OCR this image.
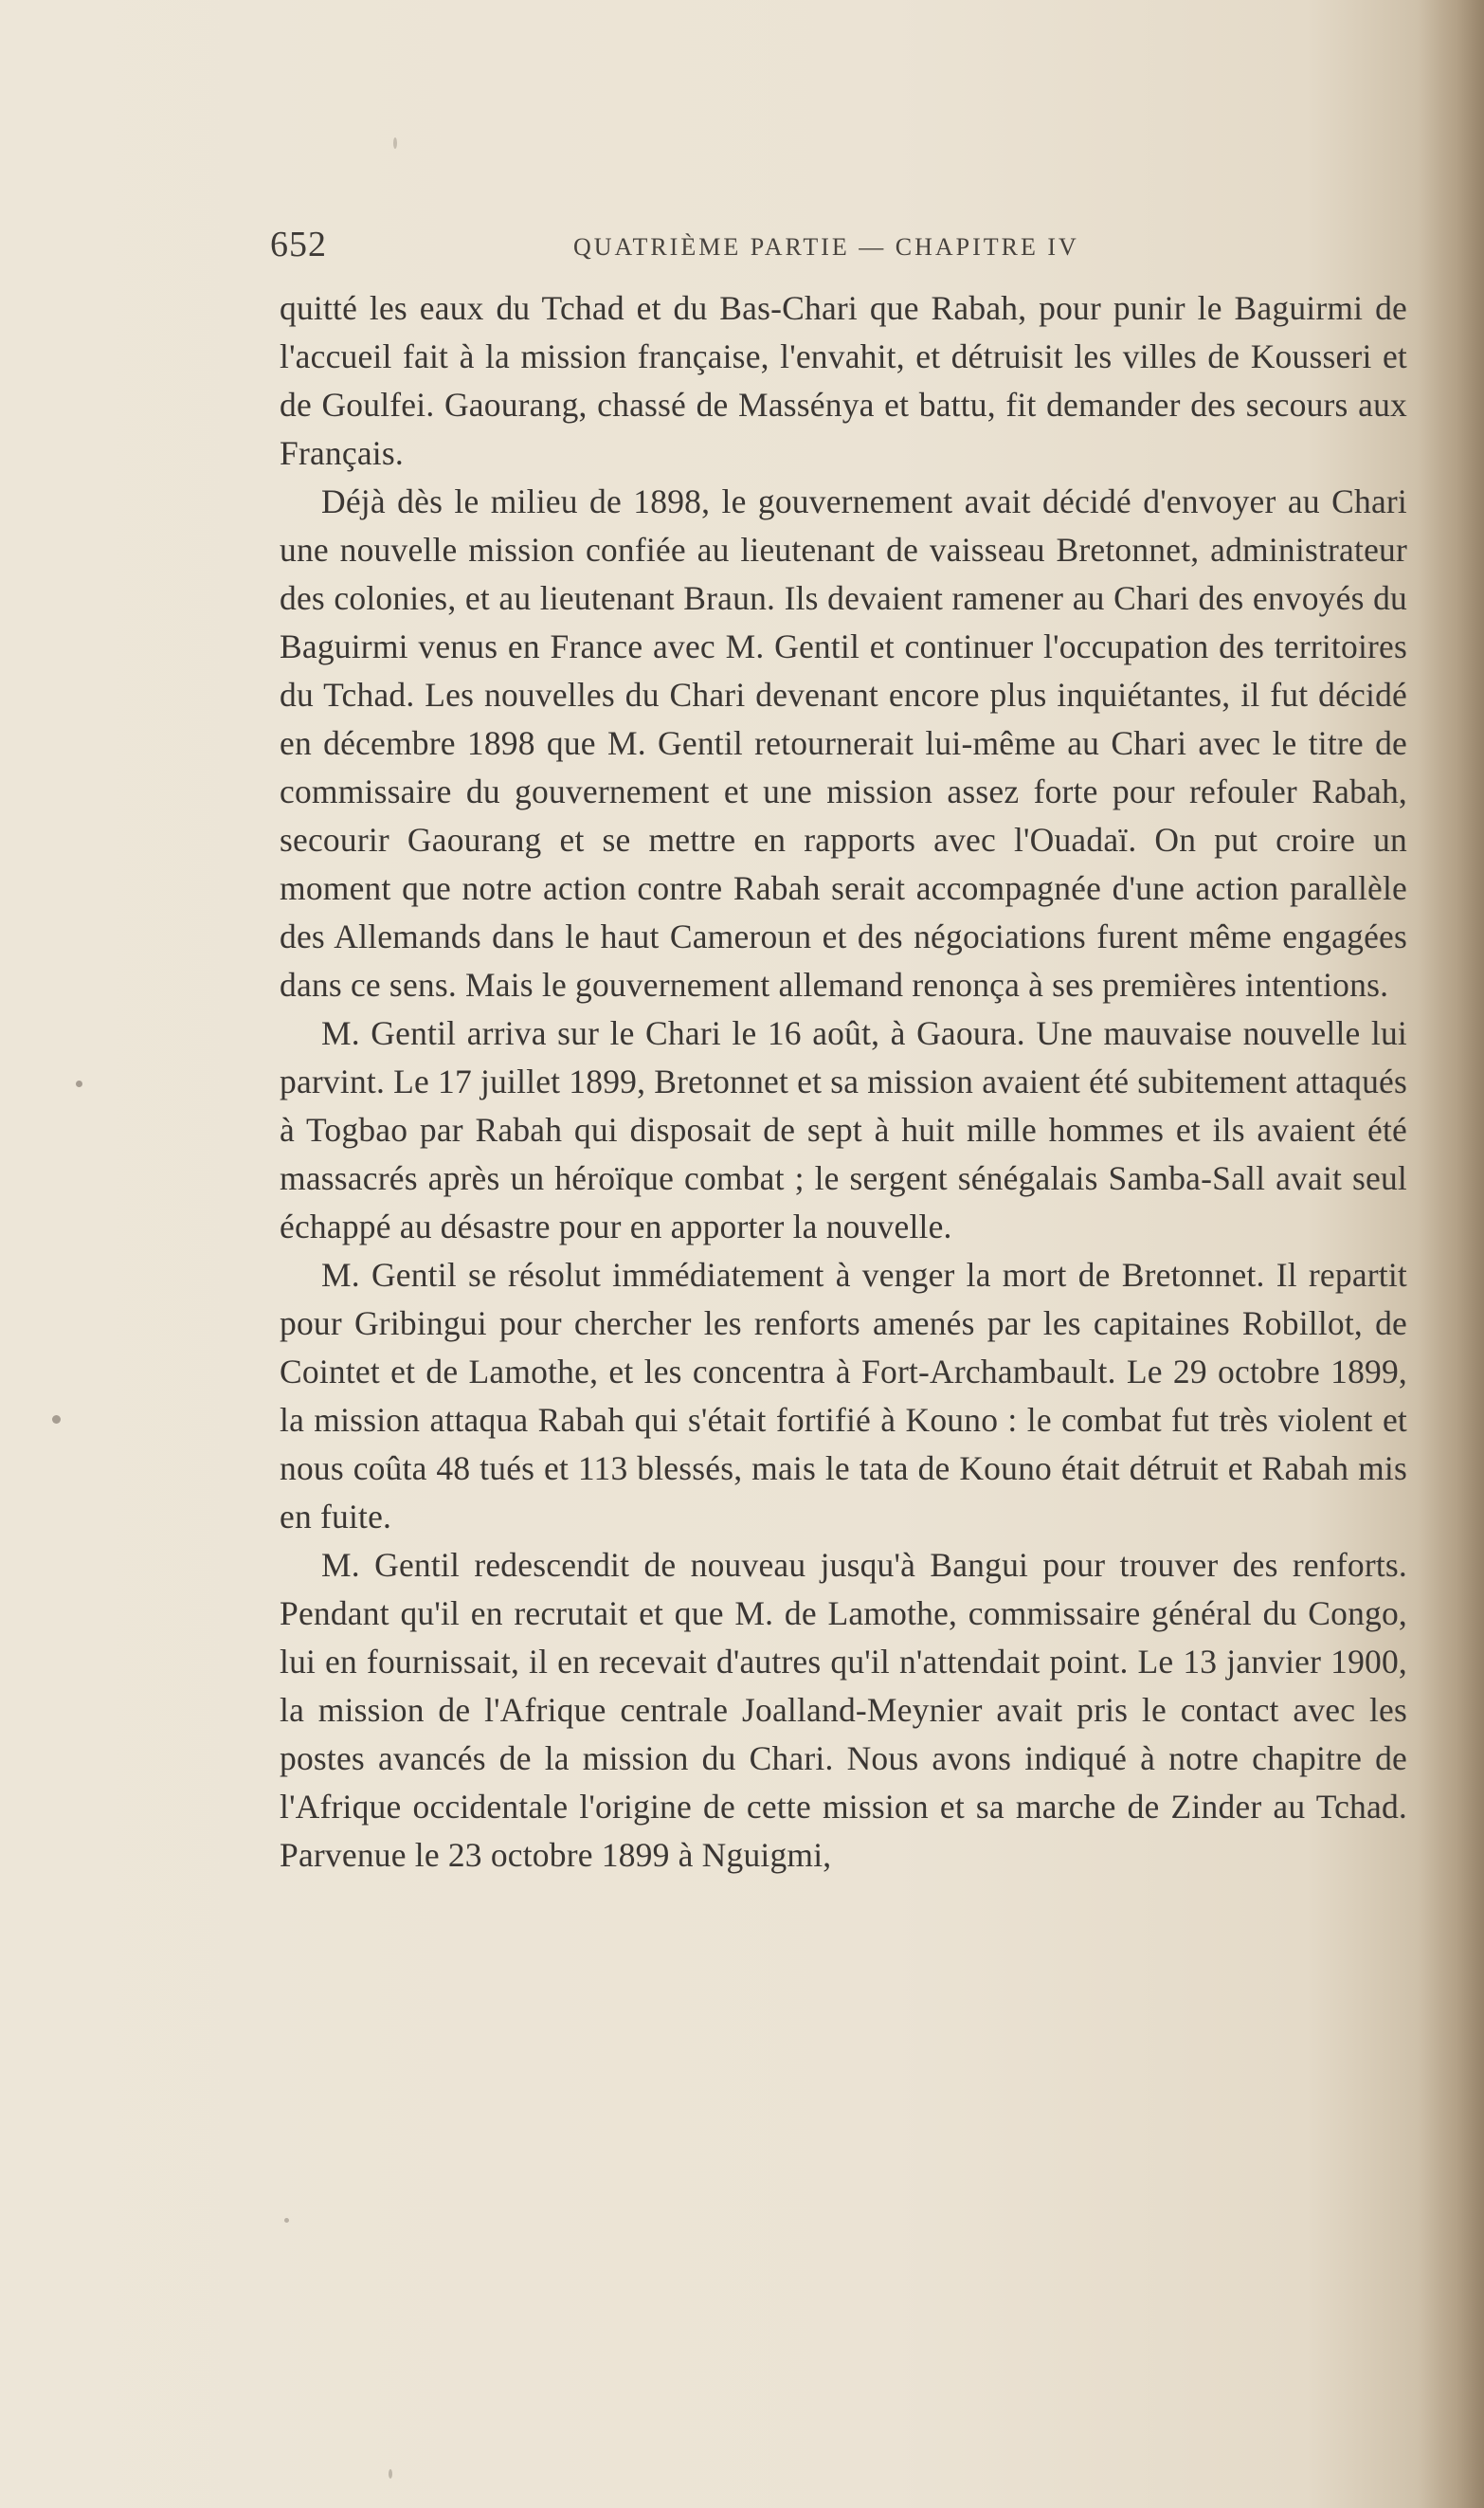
652	QUATRIÈME PARTIE — CHAPITRE IV

quitté les eaux du Tchad et du Bas-Chari que Rabah, pour punir le Baguirmi de l'accueil fait à la mission française, l'envahit, et détruisit les villes de Kousseri et de Goulfei. Gaourang, chassé de Massénya et battu, fit demander des secours aux Français.

Déjà dès le milieu de 1898, le gouvernement avait décidé d'envoyer au Chari une nouvelle mission confiée au lieutenant de vaisseau Bretonnet, administrateur des colonies, et au lieutenant Braun. Ils devaient ramener au Chari des envoyés du Baguirmi venus en France avec M. Gentil et continuer l'occupation des territoires du Tchad. Les nouvelles du Chari devenant encore plus inquiétantes, il fut décidé en décembre 1898 que M. Gentil retournerait lui-même au Chari avec le titre de commissaire du gouvernement et une mission assez forte pour refouler Rabah, secourir Gaourang et se mettre en rapports avec l'Ouadaï. On put croire un moment que notre action contre Rabah serait accompagnée d'une action parallèle des Allemands dans le haut Cameroun et des négociations furent même engagées dans ce sens. Mais le gouvernement allemand renonça à ses premières intentions.

M. Gentil arriva sur le Chari le 16 août, à Gaoura. Une mauvaise nouvelle lui parvint. Le 17 juillet 1899, Bretonnet et sa mission avaient été subitement attaqués à Togbao par Rabah qui disposait de sept à huit mille hommes et ils avaient été massacrés après un héroïque combat ; le sergent sénégalais Samba-Sall avait seul échappé au désastre pour en apporter la nouvelle.

M. Gentil se résolut immédiatement à venger la mort de Bretonnet. Il repartit pour Gribingui pour chercher les renforts amenés par les capitaines Robillot, de Cointet et de Lamothe, et les concentra à Fort-Archambault. Le 29 octobre 1899, la mission attaqua Rabah qui s'était fortifié à Kouno : le combat fut très violent et nous coûta 48 tués et 113 blessés, mais le tata de Kouno était détruit et Rabah mis en fuite.

M. Gentil redescendit de nouveau jusqu'à Bangui pour trouver des renforts. Pendant qu'il en recrutait et que M. de Lamothe, commissaire général du Congo, lui en fournissait, il en recevait d'autres qu'il n'attendait point. Le 13 janvier 1900, la mission de l'Afrique centrale Joalland-Meynier avait pris le contact avec les postes avancés de la mission du Chari. Nous avons indiqué à notre chapitre de l'Afrique occidentale l'origine de cette mission et sa marche de Zinder au Tchad. Parvenue le 23 octobre 1899 à Nguigmi,
